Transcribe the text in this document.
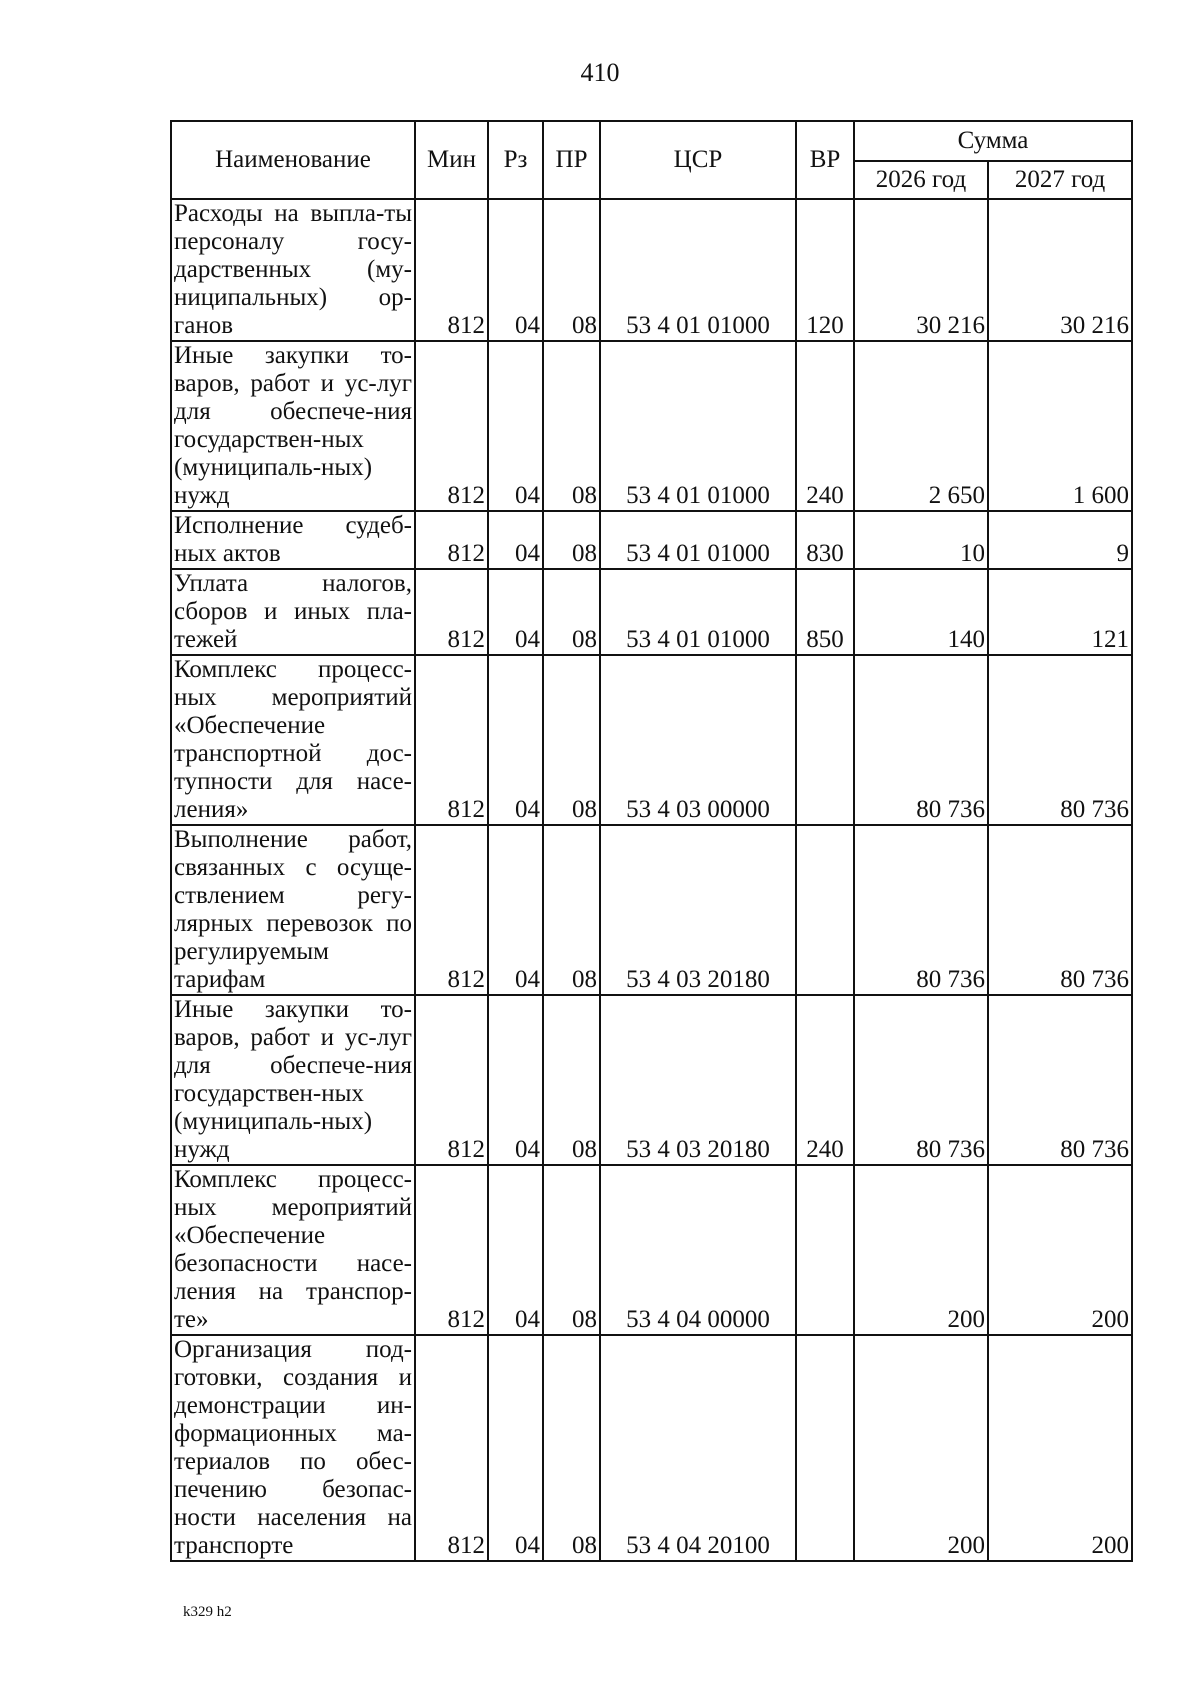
410
Наименование	Мин	Рз	ПР	ЦСР	ВР	Сумма	
						2026 год	2027 год
Расходы на выпла-ты персоналу госу-дарственных (му-ниципальных) ор-ганов	812	04	08	53 4 01 01000	120	30 216	30 216
Иные закупки то-варов, работ и ус-луг для обеспече-ния государствен-ных (муниципаль-ных) нужд	812	04	08	53 4 01 01000	240	2 650	1 600
Исполнение судеб-ных актов	812	04	08	53 4 01 01000	830	10	9
Уплата налогов, сборов и иных пла-тежей	812	04	08	53 4 01 01000	850	140	121
Комплекс процесс-ных мероприятий «Обеспечение транспортной дос-тупности для насе-ления»	812	04	08	53 4 03 00000		80 736	80 736
Выполнение работ, связанных с осуще-ствлением регу-лярных перевозок по регулируемым тарифам	812	04	08	53 4 03 20180		80 736	80 736
Иные закупки то-варов, работ и ус-луг для обеспече-ния государствен-ных (муниципаль-ных) нужд	812	04	08	53 4 03 20180	240	80 736	80 736
Комплекс процесс-ных мероприятий «Обеспечение безопасности насе-ления на транспор-те»	812	04	08	53 4 04 00000		200	200
Организация под-готовки, создания и демонстрации ин-формационных ма-териалов по обес-печению безопас-ности населения на транспорте	812	04	08	53 4 04 20100		200	200
k329 h2
